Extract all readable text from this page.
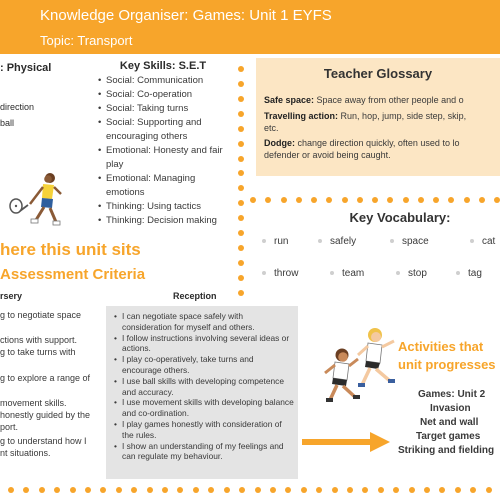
Knowledge Organiser: Games: Unit 1 EYFS
Topic: Transport
: Physical
direction
ball
Key Skills: S.E.T
• Social: Communication
• Social: Co-operation
• Social: Taking turns
• Social: Supporting and encouraging others
• Emotional: Honesty and fair play
• Emotional: Managing emotions
• Thinking: Using tactics
• Thinking: Decision making
Teacher Glossary

Safe space: Space away from other people and o

Travelling action: Run, hop, jump, side step, skip,

etc.

Dodge: change direction quickly, often used to lo

defender or avoid being caught.

Key Vocabulary:
run	safely	space	cat
throw	team	stop	tag
here this unit sits
Assessment Criteria
rsery	Reception
g to negotiate space
ctions with support.
g to take turns with
g to explore a range of
movement skills.
honestly guided by the
port.
g to understand how I
nt situations.
• I can negotiate space safely with consideration for myself and others.
• I follow instructions involving several ideas or actions.
• I play co-operatively, take turns and encourage others.
• I use ball skills with developing competence and accuracy.
• I use movement skills with developing balance and co-ordination.
• I play games honestly with consideration of the rules.
• I show an understanding of my feelings and can regulate my behaviour.
Activities that
unit progresses
Games: Unit 2
Invasion
Net and wall
Target games
Striking and fielding
